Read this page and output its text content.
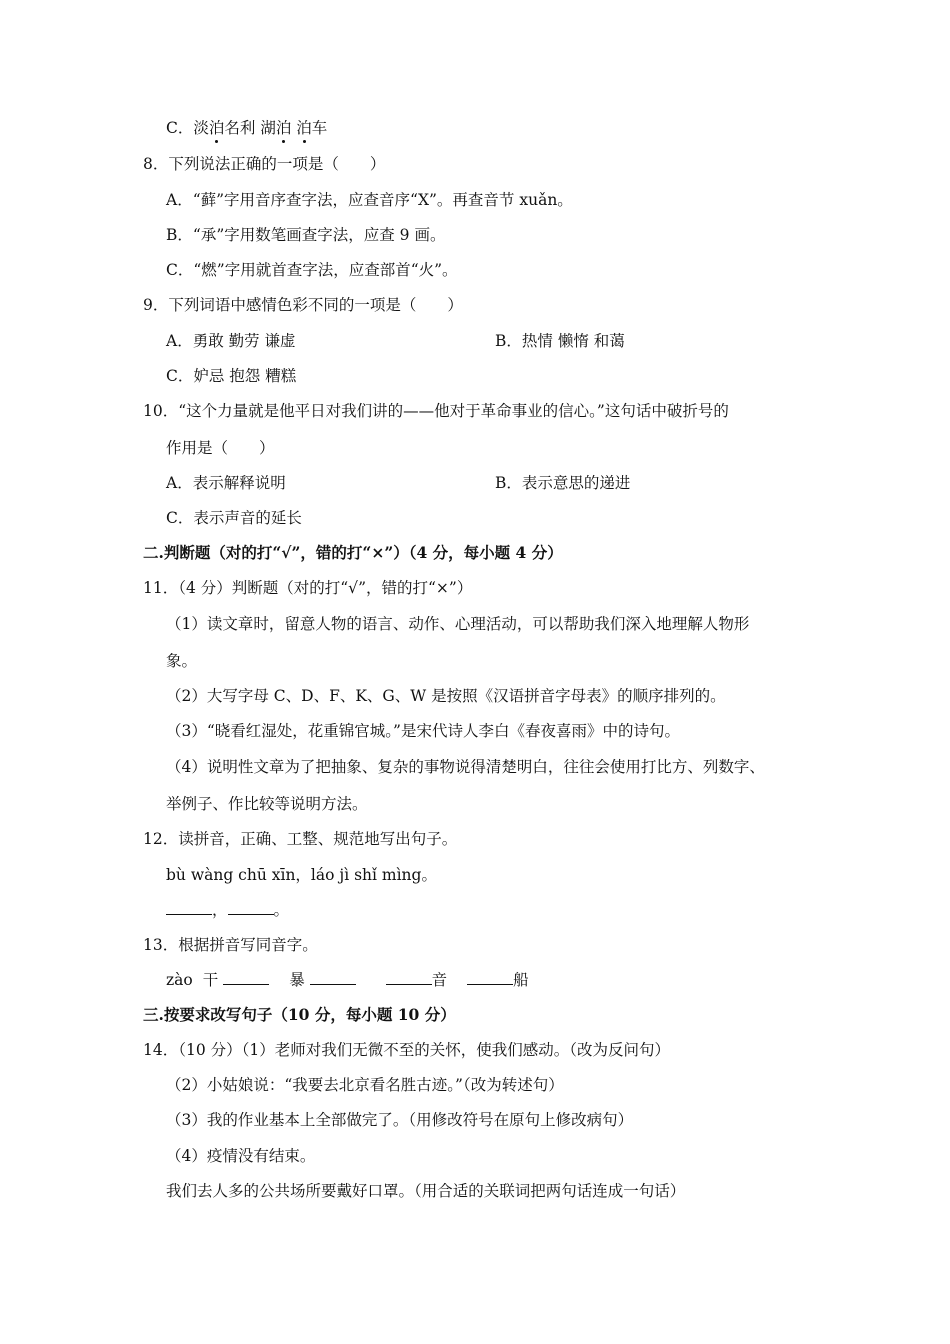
C．淡泊名利 湖泊 泊车
8．下列说法正确的一项是（　　）
A．“藓”字用音序查字法，应查音序“X”。再查音节 xuǎn。
B．“承”字用数笔画查字法，应查 9 画。
C．“燃”字用就首查字法，应查部首“火”。
9．下列词语中感情色彩不同的一项是（　　）
A．勇敢 勤劳 谦虚	B．热情 懒惰 和蔼
C．妒忌 抱怨 糟糕
10．“这个力量就是他平日对我们讲的——他对于革命事业的信心。”这句话中破折号的
作用是（　　）
A．表示解释说明	B．表示意思的递进
C．表示声音的延长
二.判断题（对的打“√”，错的打“×”）（4 分，每小题 4 分）
11．（4 分）判断题（对的打“√”，错的打“×”）
（1）读文章时，留意人物的语言、动作、心理活动，可以帮助我们深入地理解人物形
象。
（2）大写字母 C、D、F、K、G、W 是按照《汉语拼音字母表》的顺序排列的。
（3）“晓看红湿处，花重锦官城。”是宋代诗人李白《春夜喜雨》中的诗句。
（4）说明性文章为了把抽象、复杂的事物说得清楚明白，往往会使用打比方、列数字、
举例子、作比较等说明方法。
12．读拼音，正确、工整、规范地写出句子。
bù wàng chū xīn，láo jì shǐ mìng。
，	。
13．根据拼音写同音字。
zào 干	暴	音	船
三.按要求改写句子（10 分，每小题 10 分）
14．（10 分）（1）老师对我们无微不至的关怀，使我们感动。（改为反问句）
（2）小姑娘说：“我要去北京看名胜古迹。”（改为转述句）
（3）我的作业基本上全部做完了。（用修改符号在原句上修改病句）
（4）疫情没有结束。
我们去人多的公共场所要戴好口罩。（用合适的关联词把两句话连成一句话）
